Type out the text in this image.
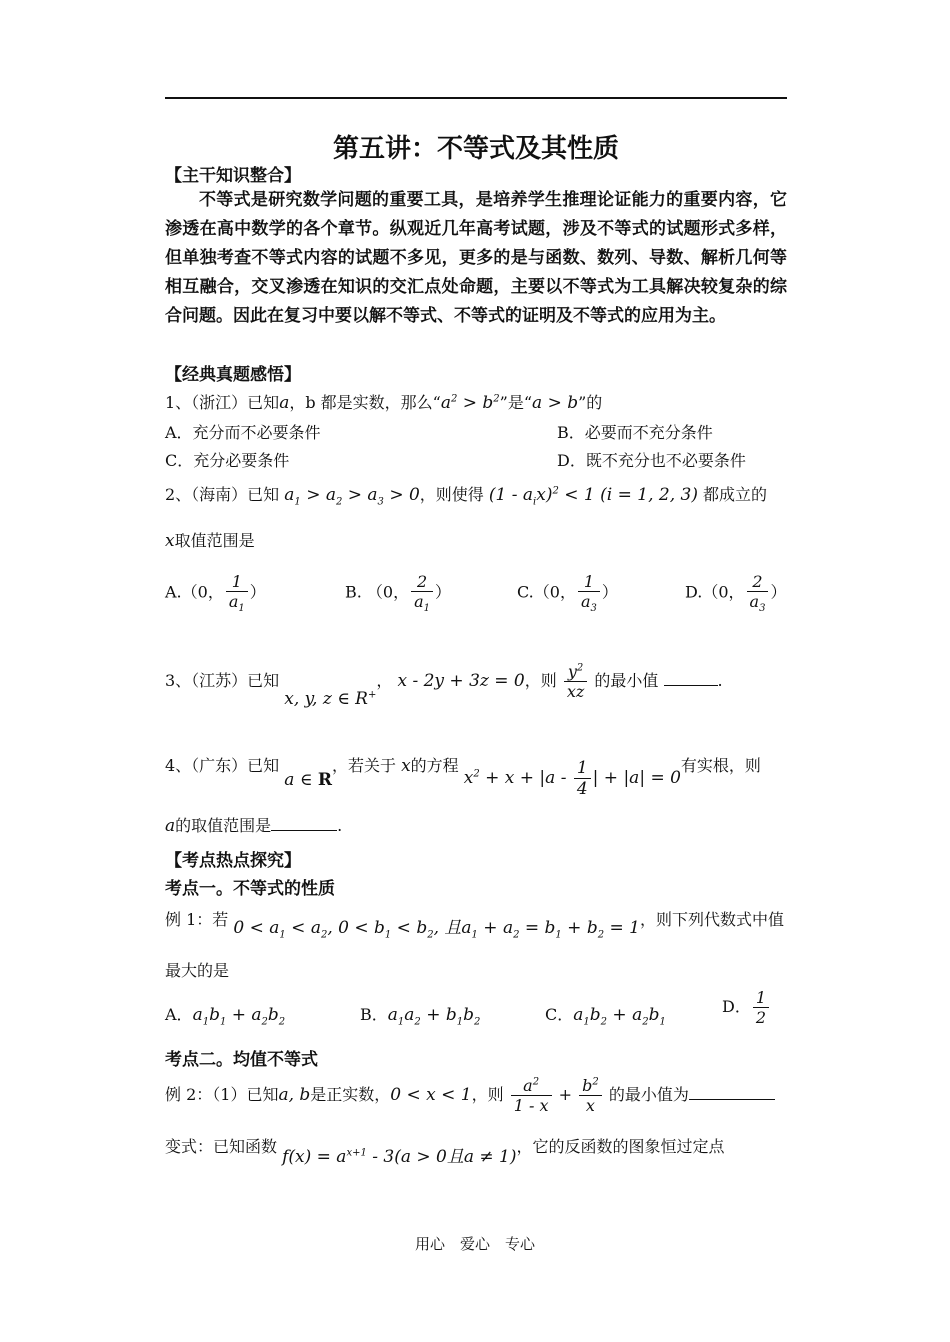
第五讲：不等式及其性质
【主干知识整合】

不等式是研究数学问题的重要工具，是培养学生推理论证能力的重要内容，它渗透在高中数学的各个章节。纵观近几年高考试题，涉及不等式的试题形式多样，但单独考查不等式内容的试题不多见，更多的是与函数、数列、导数、解析几何等相互融合，交叉渗透在知识的交汇点处命题，主要以不等式为工具解决较复杂的综合问题。因此在复习中要以解不等式、不等式的证明及不等式的应用为主。

【经典真题感悟】
1、（浙江）已知a，b 都是实数，那么“$a^2 > b^2$”是“a > b”的
A．充分而不必要条件	B．必要而不充分条件
C．充分必要条件	D．既不充分也不必要条件
2、（海南）已知 $a_1 > a_2 > a_3 > 0$，则使得 $(1 - a_ix)^2 < 1$ (i = 1, 2, 3) 都成立的
x取值范围是
A.（0， $\frac{1}{a_1}$ ）	B. （0， $\frac{2}{a_1}$ ）	C.（0， $\frac{1}{a_3}$ ）	D.（0， $\frac{2}{a_3}$ ）
3、（江苏）已知 x, y, z ∈ R+， x - 2y + 3z = 0，则 $\frac{y^2}{xz}$ 的最小值	.
4、（广东）已知 a ∈ R，若关于 x的方程 $x^2 + x + |a - \frac{1}{4}$ | + |a| = 0有实根，则
a的取值范围是	.
【考点热点探究】
考点一。不等式的性质
例 1：若 $0 < a_1 < a_2$, $0 < b_1 < b_2$, 且$a_1 + a_2 = b_1 + b_2 = 1$，则下列代数式中值
最大的是
A．$a_1b_1 + a_2b_2$	B．$a_1a_2 + b_1b_2$	C．$a_1b_2 + a_2b_1$
D． $\frac{1}{2}$
考点二。均值不等式
例 2：（1）已知a, b是正实数，0 < x < 1，则 $\frac{a^2}{1 - x} + \frac{b^2}{x}$ 的最小值为
变式：已知函数 $f(x) = a^{x+1} - 3(a > 0$且a ≠ 1)，它的反函数的图象恒过定点
用心　爱心　专心
